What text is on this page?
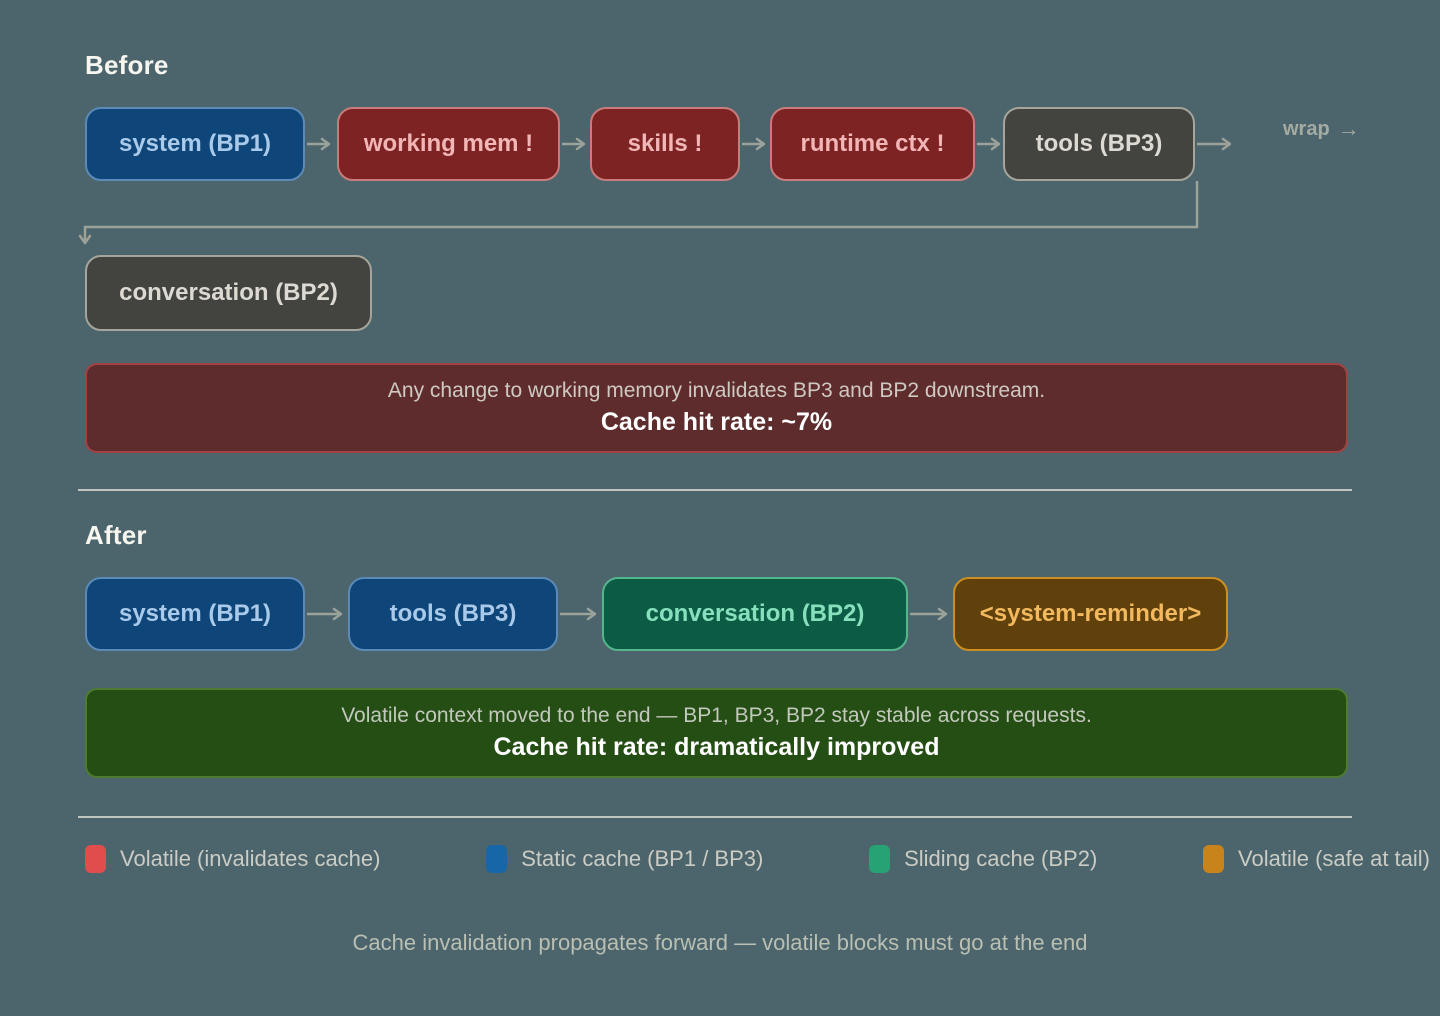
Before
system (BP1)	working mem !	skills !	runtime ctx !	tools (BP3)
wrap →
conversation (BP2)
Any change to working memory invalidates BP3 and BP2 downstream.
Cache hit rate: ~7%
After
system (BP1)	tools (BP3)	conversation (BP2)	<system-reminder>
Volatile context moved to the end — BP1, BP3, BP2 stay stable across requests.
Cache hit rate: dramatically improved
Volatile (invalidates cache)	Static cache (BP1 / BP3)	Sliding cache (BP2)	Volatile (safe at tail)
Cache invalidation propagates forward — volatile blocks must go at the end
